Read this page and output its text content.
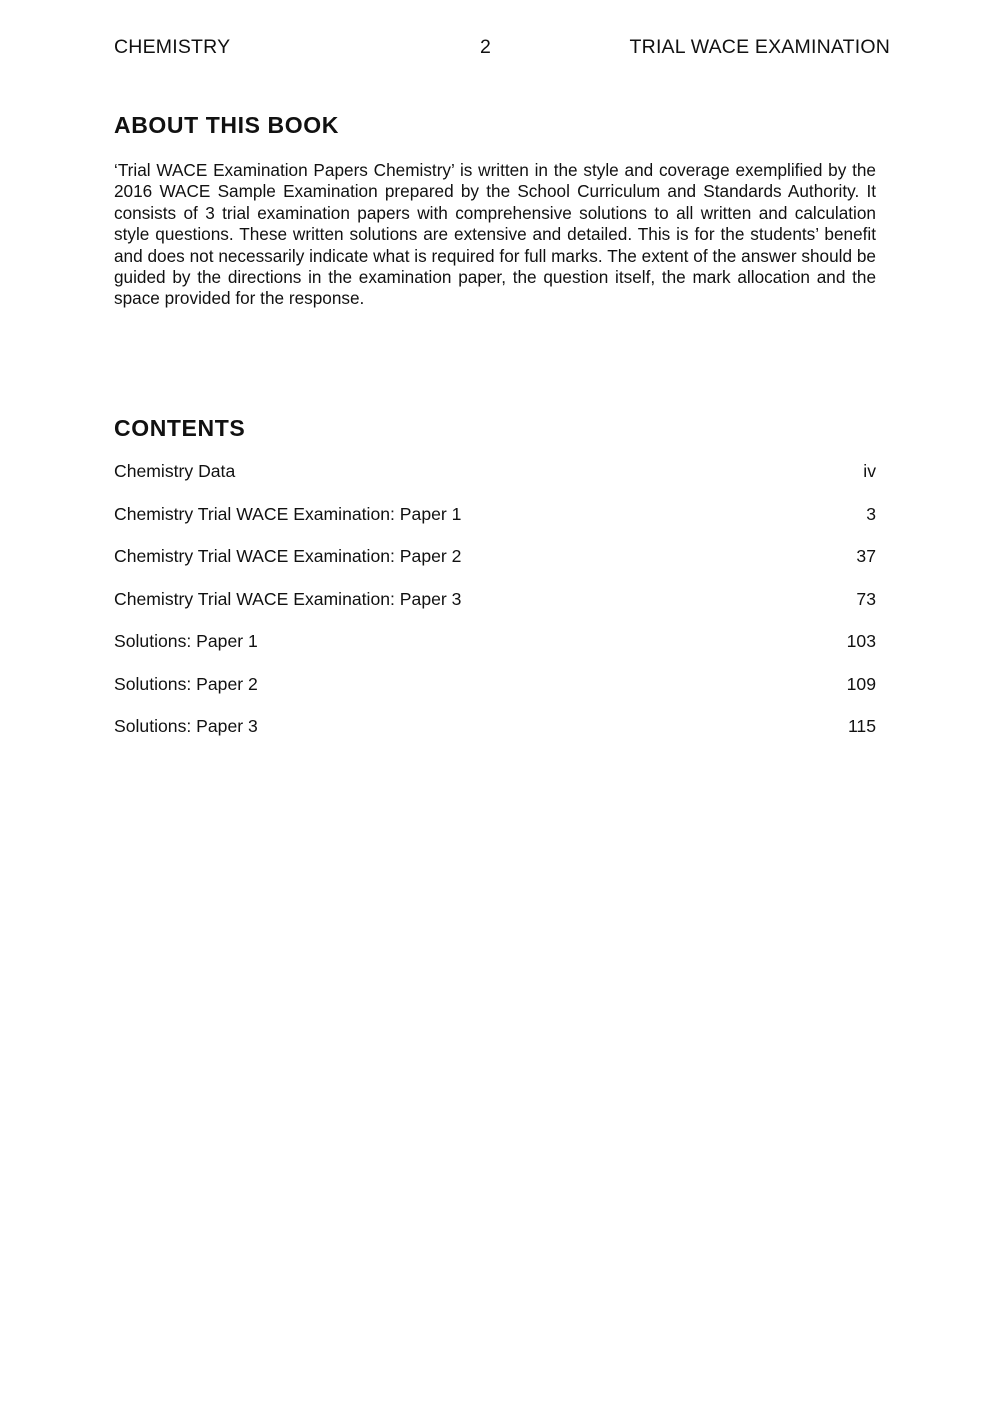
CHEMISTRY	2	TRIAL WACE EXAMINATION
ABOUT THIS BOOK

‘Trial WACE Examination Papers Chemistry’ is written in the style and coverage exemplified by the 2016 WACE Sample Examination prepared by the School Curriculum and Standards Authority. It consists of 3 trial examination papers with comprehensive solutions to all written and calculation style questions. These written solutions are extensive and detailed. This is for the students’ benefit and does not necessarily indicate what is required for full marks. The extent of the answer should be guided by the directions in the examination paper, the question itself, the mark allocation and the space provided for the response.

CONTENTS
Chemistry Data	iv
Chemistry Trial WACE Examination: Paper 1	3
Chemistry Trial WACE Examination: Paper 2	37
Chemistry Trial WACE Examination: Paper 3	73
Solutions: Paper 1	103
Solutions: Paper 2	109
Solutions: Paper 3	115
